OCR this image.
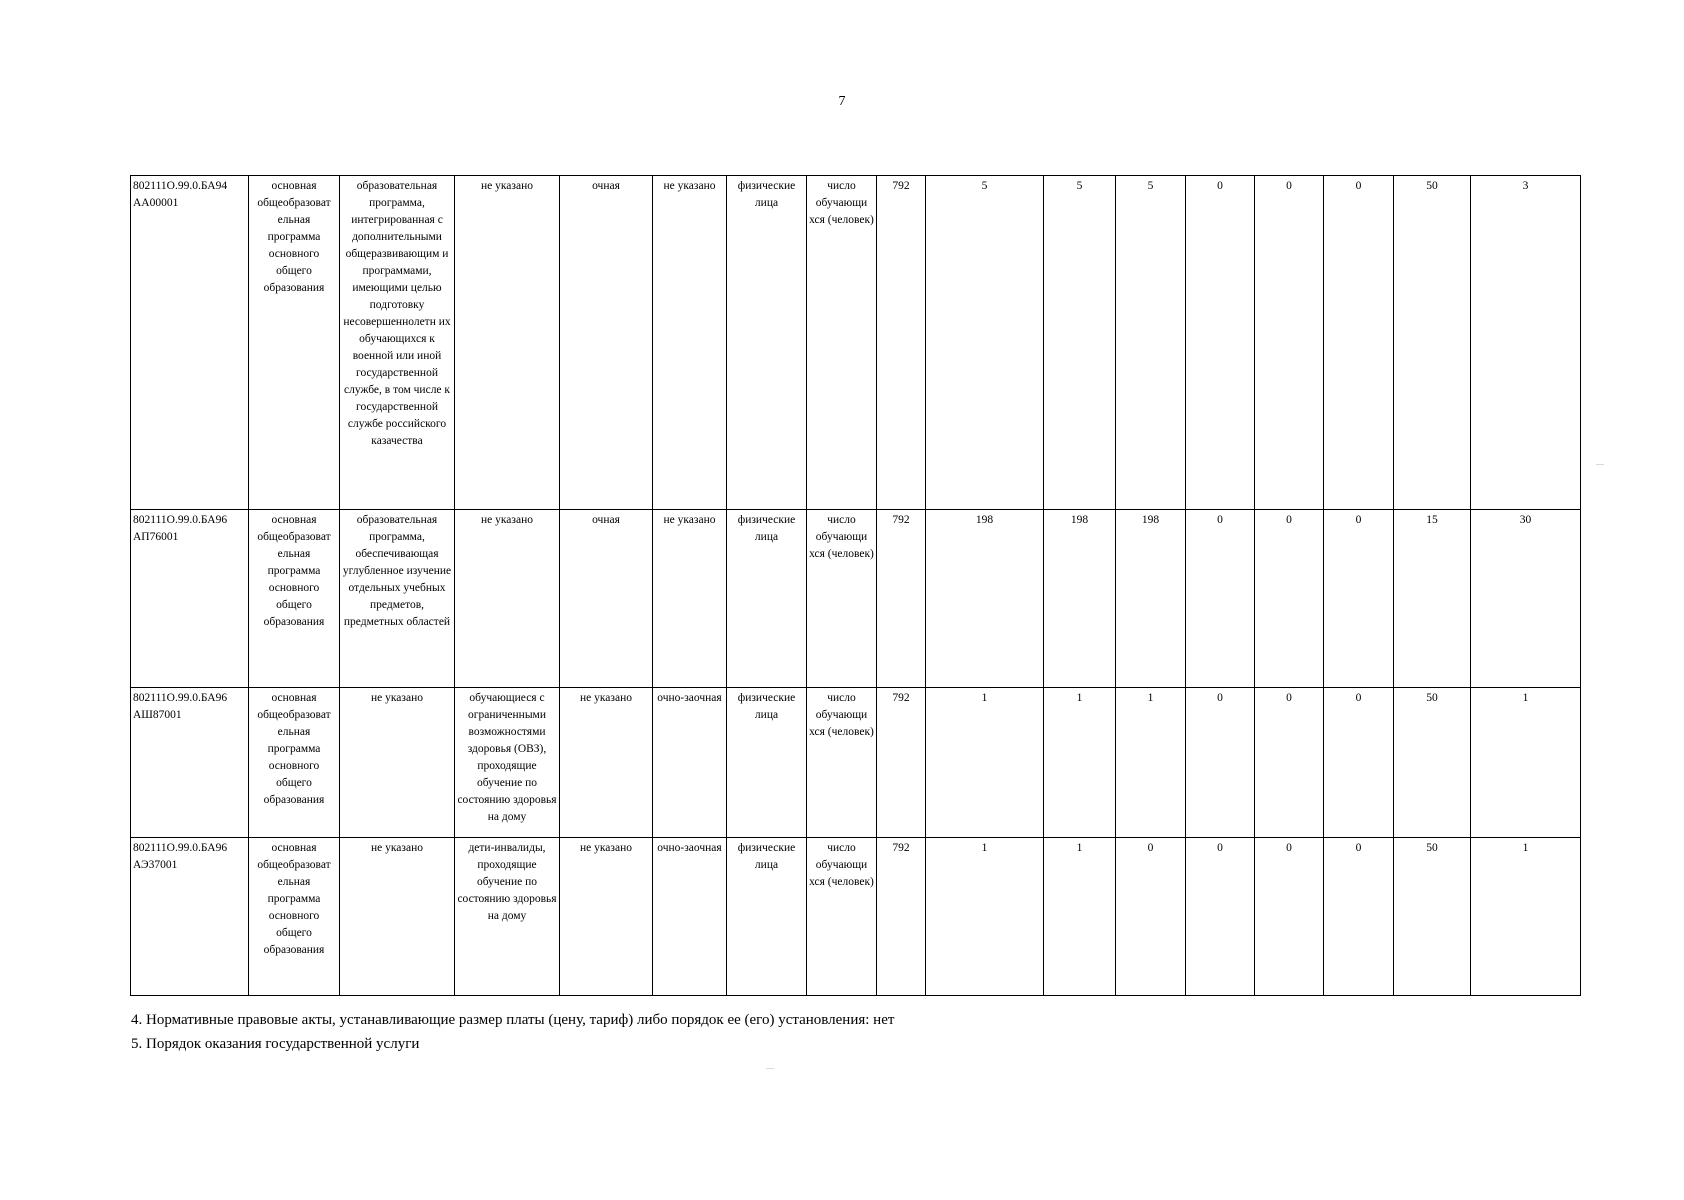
7
802111О.99.0.БА94 АА00001	основная общеобразоват ельная программа основного общего образования	образовательная программа, интегрированная с дополнительными общеразвивающим и программами, имеющими целью подготовку несовершеннолетн их обучающихся к военной или иной государственной службе, в том числе к государственной службе российского казачества	не указано	очная	не указано	физические лица	число обучающи хся (человек)	792	5	5	5	0	0	0	50	3
802111О.99.0.БА96 АП76001	основная общеобразоват ельная программа основного общего образования	образовательная программа, обеспечивающая углубленное изучение отдельных учебных предметов, предметных областей	не указано	очная	не указано	физические лица	число обучающи хся (человек)	792	198	198	198	0	0	0	15	30
802111О.99.0.БА96 АШ87001	основная общеобразоват ельная программа основного общего образования	не указано	обучающиеся с ограниченными возможностями здоровья (ОВЗ), проходящие обучение по состоянию здоровья на дому	не указано	очно-заочная	физические лица	число обучающи хся (человек)	792	1	1	1	0	0	0	50	1
802111О.99.0.БА96 АЭ37001	основная общеобразоват ельная программа основного общего образования	не указано	дети-инвалиды, проходящие обучение по состоянию здоровья на дому	не указано	очно-заочная	физические лица	число обучающи хся (человек)	792	1	1	0	0	0	0	50	1
4. Нормативные правовые акты, устанавливающие размер платы (цену, тариф) либо порядок ее (его) установления: нет
5. Порядок оказания государственной услуги
